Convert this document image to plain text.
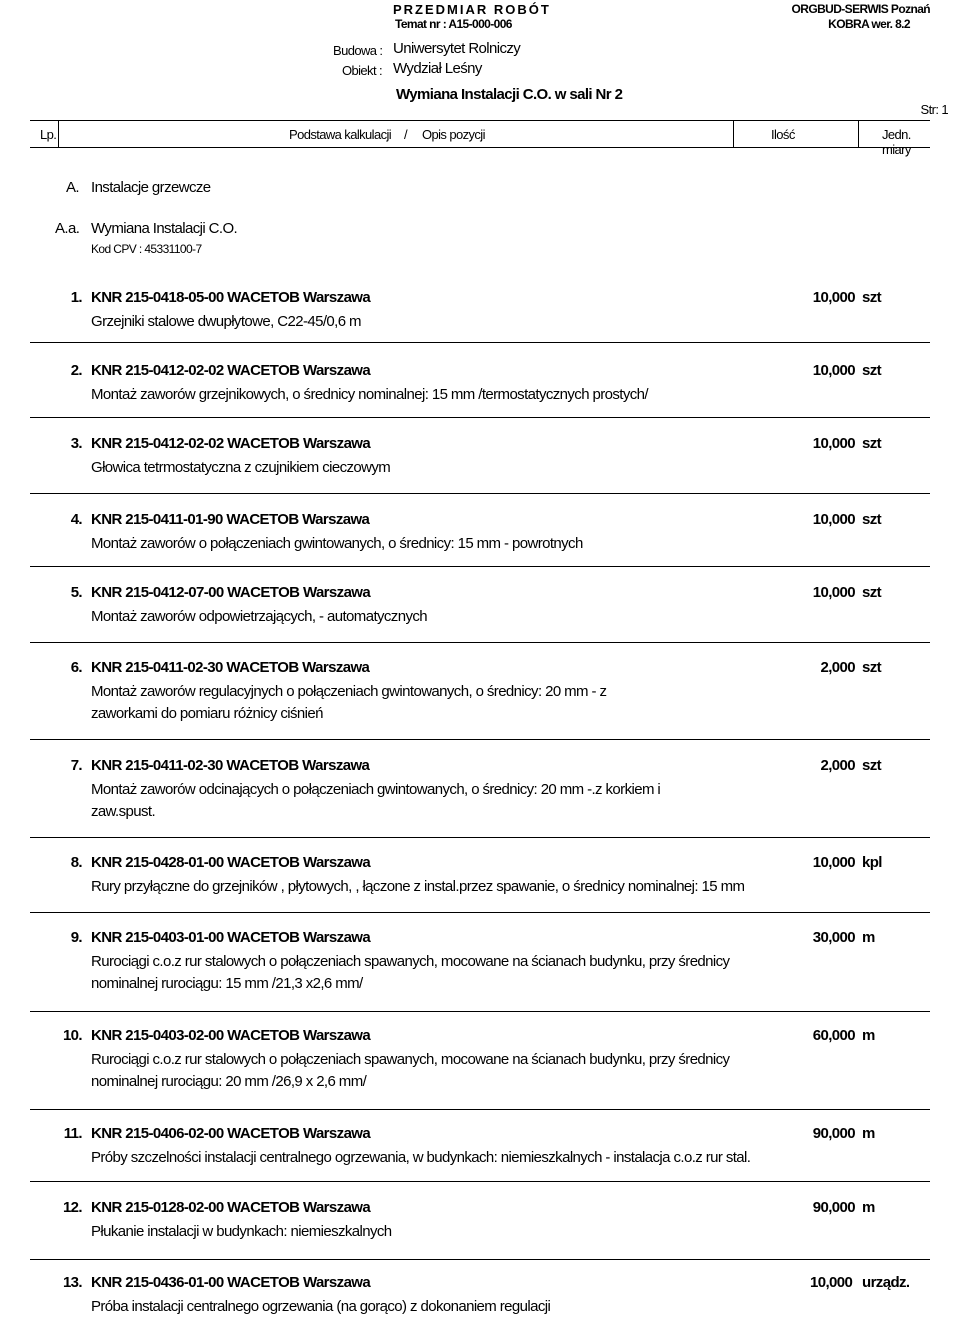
PRZEDMIAR ROBÓT
Temat nr : A15-000-006
ORGBUD-SERWIS Poznań
KOBRA wer. 8.2
Budowa : Uniwersytet Rolniczy
Obiekt : Wydział Leśny
Wymiana Instalacji C.O. w sali Nr 2
Str: 1
Lp.	Podstawa kalkulacji / Opis pozycji	Ilość	Jedn. miary
A. Instalacje grzewcze
A.a. Wymiana Instalacji C.O.
Kod CPV : 45331100-7
1. KNR 215-0418-05-00 WACETOB Warszawa	10,000 szt
Grzejniki stalowe dwupłytowe, C22-45/0,6 m
2. KNR 215-0412-02-02 WACETOB Warszawa	10,000 szt
Montaż zaworów grzejnikowych, o średnicy nominalnej: 15 mm /termostatycznych prostych/
3. KNR 215-0412-02-02 WACETOB Warszawa	10,000 szt
Głowica tetrmostatyczna z czujnikiem cieczowym
4. KNR 215-0411-01-90 WACETOB Warszawa	10,000 szt
Montaż zaworów o połączeniach gwintowanych, o średnicy: 15 mm - powrotnych
5. KNR 215-0412-07-00 WACETOB Warszawa	10,000 szt
Montaż zaworów odpowietrzających, - automatycznych
6. KNR 215-0411-02-30 WACETOB Warszawa	2,000 szt
Montaż zaworów regulacyjnych o połączeniach gwintowanych, o średnicy: 20 mm - z zaworkami do pomiaru różnicy ciśnień
7. KNR 215-0411-02-30 WACETOB Warszawa	2,000 szt
Montaż zaworów odcinających o połączeniach gwintowanych, o średnicy: 20 mm -.z korkiem i zaw.spust.
8. KNR 215-0428-01-00 WACETOB Warszawa	10,000 kpl
Rury przyłączne do grzejników , płytowych, , łączone z instal.przez spawanie, o średnicy nominalnej: 15 mm
9. KNR 215-0403-01-00 WACETOB Warszawa	30,000 m
Rurociągi c.o.z rur stalowych o połączeniach spawanych, mocowane na ścianach budynku, przy średnicy nominalnej rurociągu: 15 mm /21,3 x2,6 mm/
10. KNR 215-0403-02-00 WACETOB Warszawa	60,000 m
Rurociągi c.o.z rur stalowych o połączeniach spawanych, mocowane na ścianach budynku, przy średnicy nominalnej rurociągu: 20 mm /26,9 x 2,6 mm/
11. KNR 215-0406-02-00 WACETOB Warszawa	90,000 m
Próby szczelności instalacji centralnego ogrzewania, w budynkach: niemieszkalnych - instalacja c.o.z rur stal.
12. KNR 215-0128-02-00 WACETOB Warszawa	90,000 m
Płukanie instalacji w budynkach: niemieszkalnych
13. KNR 215-0436-01-00 WACETOB Warszawa	10,000 urządz.
Próba instalacji centralnego ogrzewania (na gorąco) z dokonaniem regulacji
